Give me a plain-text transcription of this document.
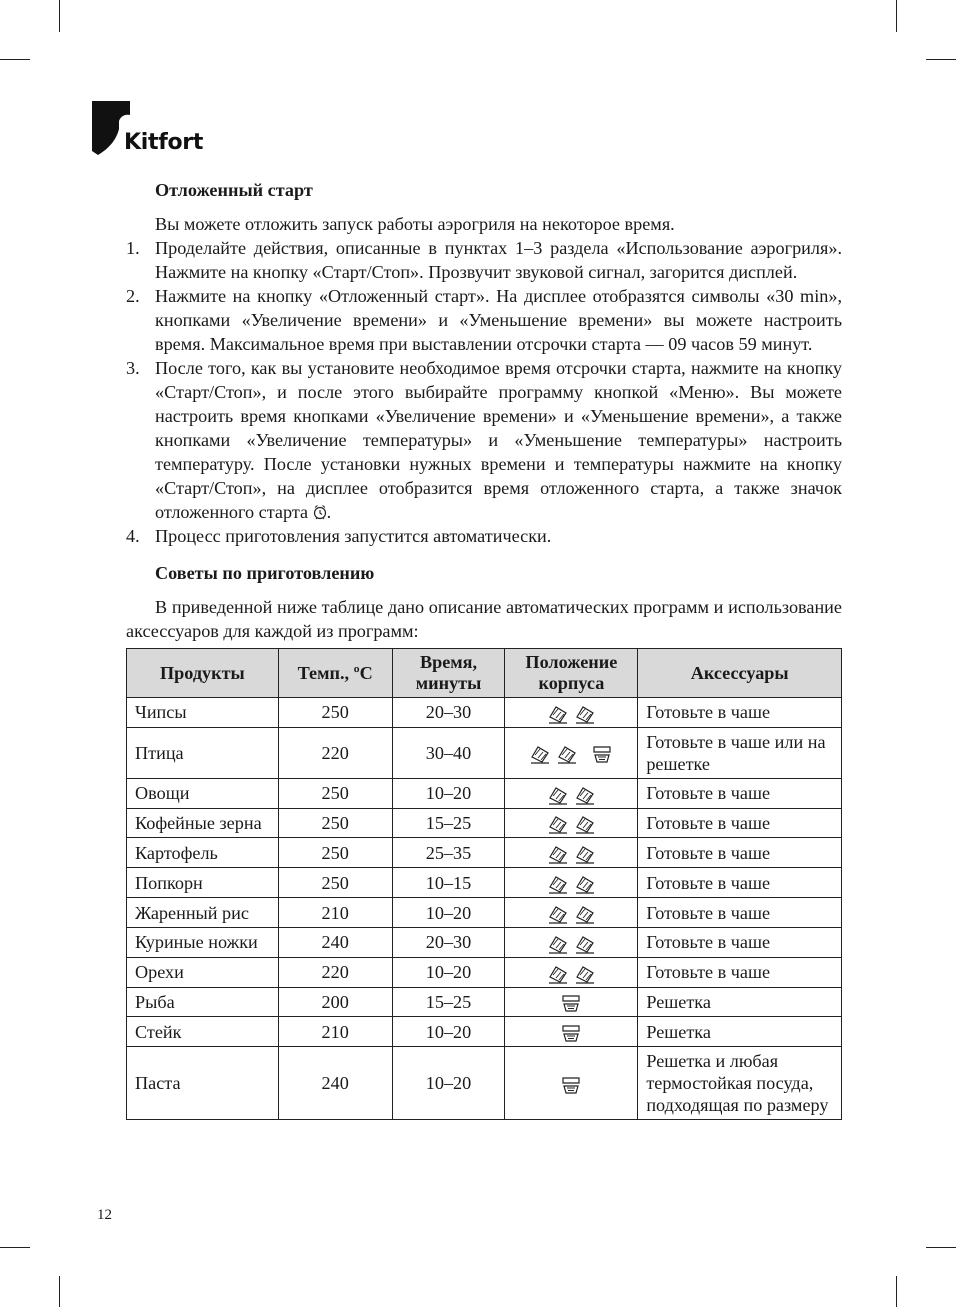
Kitfort
Отложенный старт

Вы можете отложить запуск работы аэрогриля на некоторое время.

1. Проделайте действия, описанные в пунктах 1–3 раздела «Использование аэрогриля». Нажмите на кнопку «Старт/Стоп». Прозвучит звуковой сигнал, загорится дисплей.
2. Нажмите на кнопку «Отложенный старт». На дисплее отобразятся символы «30 min», кнопками «Увеличение времени» и «Уменьшение времени» вы можете настроить время. Максимальное время при выставлении отсрочки старта — 09 часов 59 минут.
3. После того, как вы установите необходимое время отсрочки старта, нажмите на кнопку «Старт/Стоп», и после этого выбирайте программу кнопкой «Меню». Вы можете настроить время кнопками «Увеличение времени» и «Уменьшение времени», а также кнопками «Увеличение температуры» и «Уменьшение температуры» настроить температуру. После установки нужных времени и температуры нажмите на кнопку «Старт/Стоп», на дисплее отобразится время отложенного старта, а также значок отложенного старта .
4. Процесс приготовления запустится автоматически.
Советы по приготовлению

В приведенной ниже таблице дано описание автоматических программ и использование аксессуаров для каждой из программ:

Продукты	Темп., ºC	Время, минуты	Положение корпуса	Аксессуары
Чипсы	250	20–30		Готовьте в чаше
Птица	220	30–40		Готовьте в чаше или на решетке
Овощи	250	10–20		Готовьте в чаше
Кофейные зерна	250	15–25		Готовьте в чаше
Картофель	250	25–35		Готовьте в чаше
Попкорн	250	10–15		Готовьте в чаше
Жаренный рис	210	10–20		Готовьте в чаше
Куриные ножки	240	20–30		Готовьте в чаше
Орехи	220	10–20		Готовьте в чаше
Рыба	200	15–25		Решетка
Стейк	210	10–20		Решетка
Паста	240	10–20		Решетка и любая термостойкая посуда, подходящая по размеру
12
